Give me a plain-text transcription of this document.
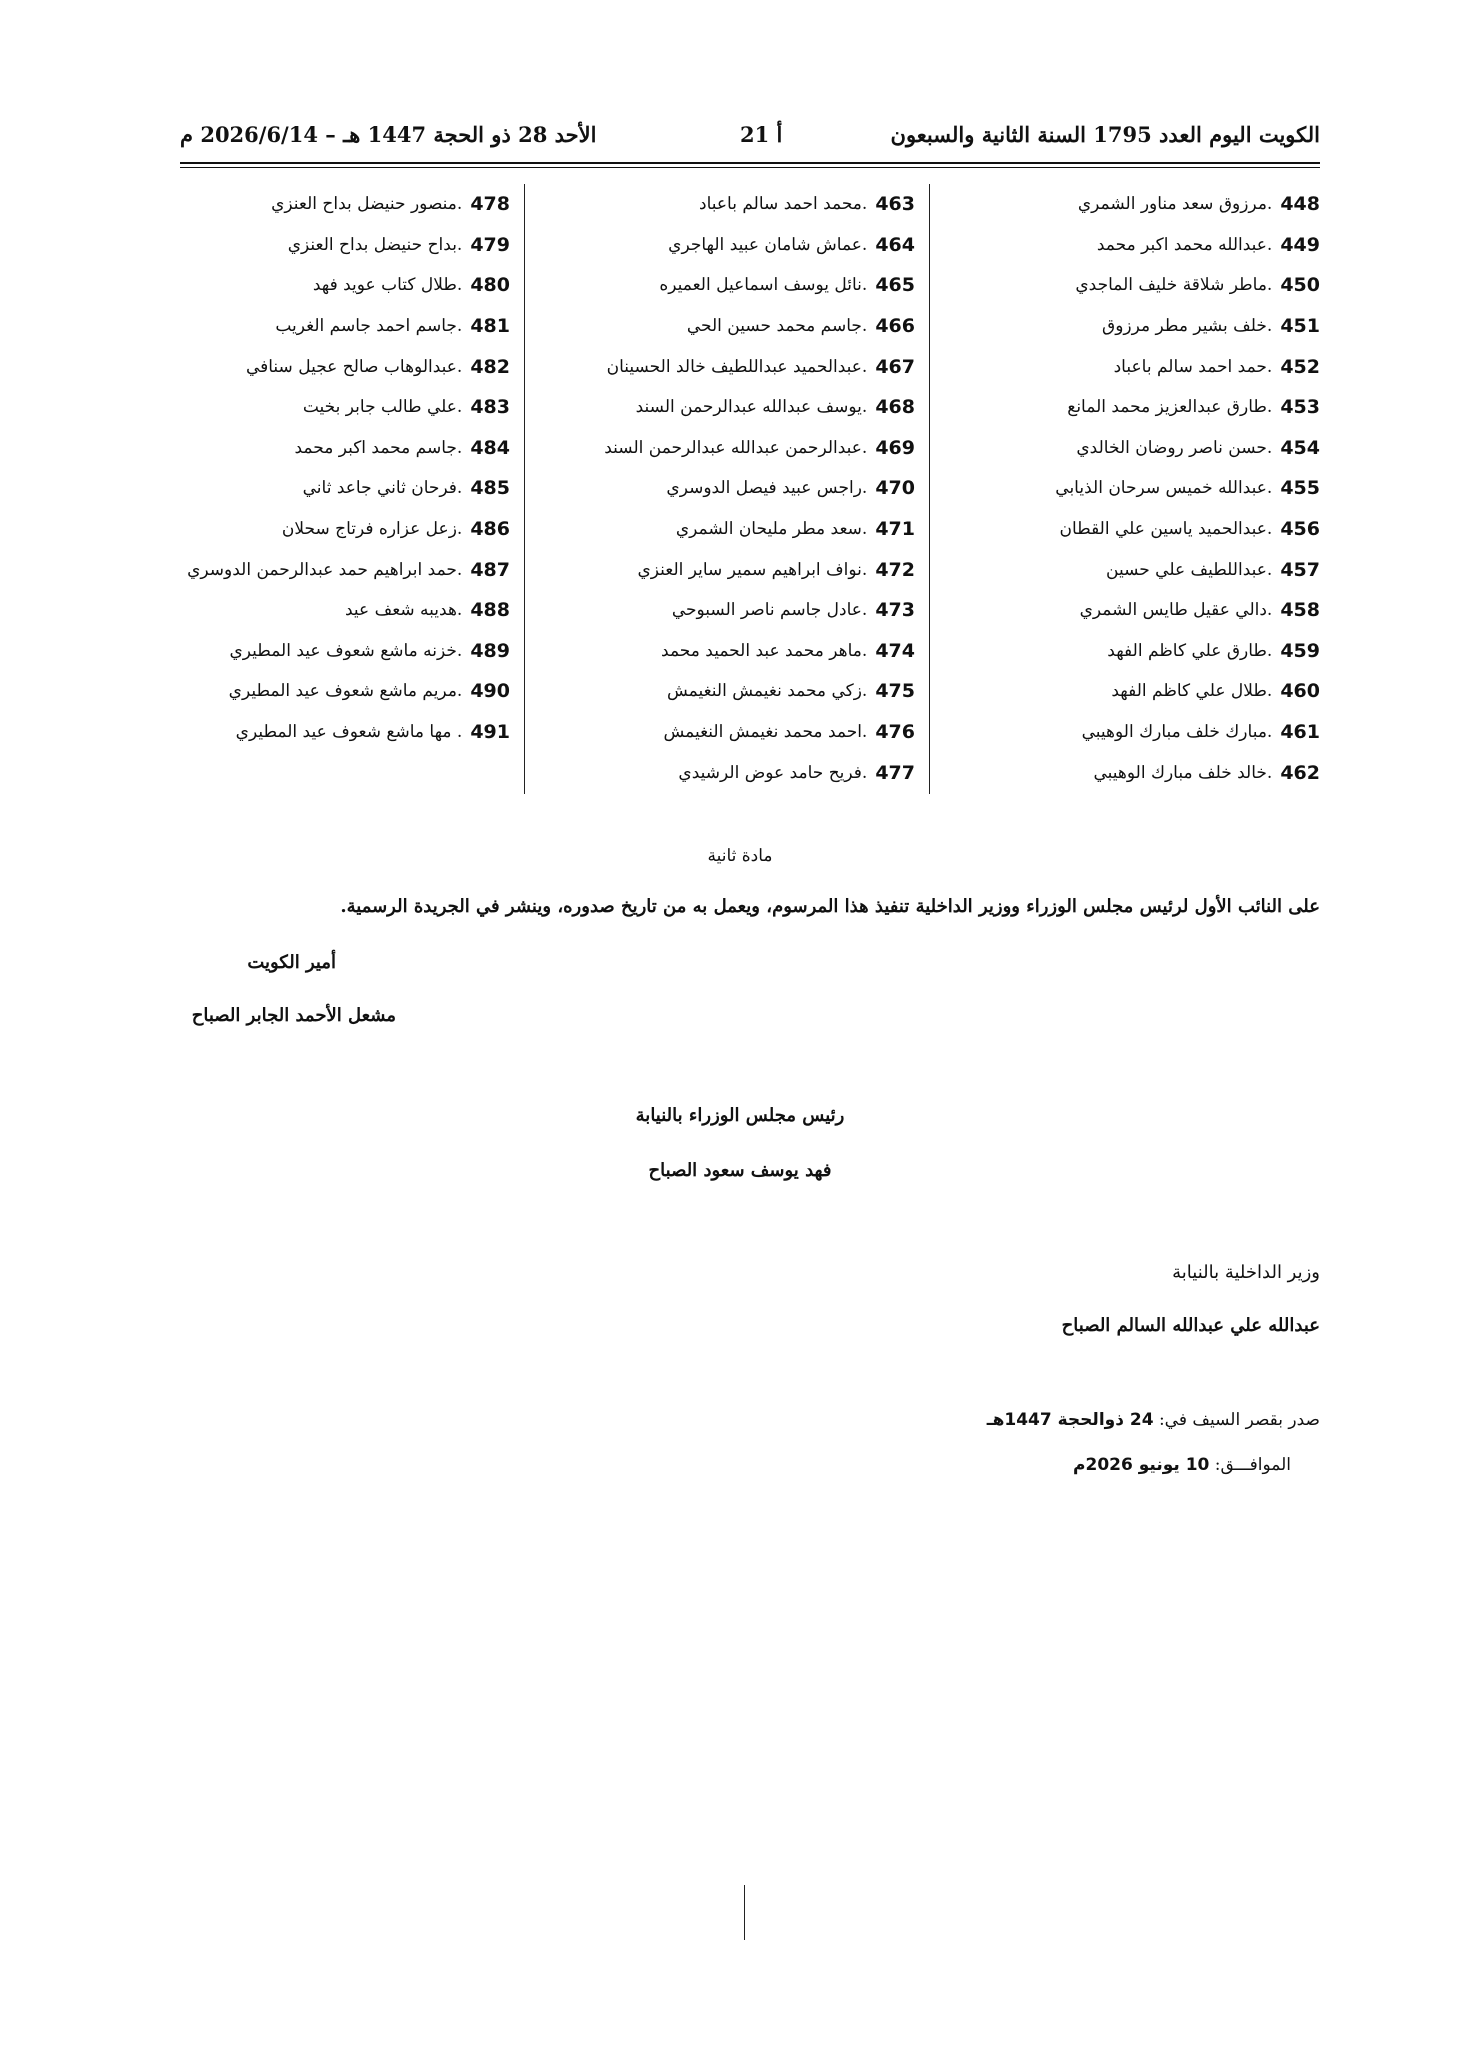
الكويت اليوم العدد 1795 السنة الثانية والسبعون
أ 21
الأحد 28 ذو الحجة 1447 هـ – 2026/6/14 م
448
.مرزوق سعد مناور الشمري
449
.عبدالله محمد اكبر محمد
450
.ماطر شلاقة خليف الماجدي
451
.خلف بشير مطر مرزوق
452
.حمد احمد سالم باعباد
453
.طارق عبدالعزيز محمد المانع
454
.حسن ناصر روضان الخالدي
455
.عبدالله خميس سرحان الذيابي
456
.عبدالحميد ياسين علي القطان
457
.عبداللطيف علي حسين
458
.دالي عقيل طايس الشمري
459
.طارق علي كاظم الفهد
460
.طلال علي كاظم الفهد
461
.مبارك خلف مبارك الوهيبي
462
.خالد خلف مبارك الوهيبي
463
.محمد احمد سالم باعباد
464
.عماش شامان عبيد الهاجري
465
.نائل يوسف اسماعيل العميره
466
.جاسم محمد حسين الحي
467
.عبدالحميد عبداللطيف خالد الحسينان
468
.يوسف عبدالله عبدالرحمن السند
469
.عبدالرحمن عبدالله عبدالرحمن السند
470
.راجس عبيد فيصل الدوسري
471
.سعد مطر مليحان الشمري
472
.نواف ابراهيم سمير ساير العنزي
473
.عادل جاسم ناصر السبوحي
474
.ماهر محمد عبد الحميد محمد
475
.زكي محمد نغيمش النغيمش
476
.احمد محمد نغيمش النغيمش
477
.فريح حامد عوض الرشيدي
478
.منصور حنيضل بداح العنزي
479
.بداح حنيضل بداح العنزي
480
.طلال كتاب عويد فهد
481
.جاسم احمد جاسم الغريب
482
.عبدالوهاب صالح عجيل سنافي
483
.علي طالب جابر بخيت
484
.جاسم محمد اكبر محمد
485
.فرحان ثاني جاعد ثاني
486
.زعل عزاره فرتاج سحلان
487
.حمد ابراهيم حمد عبدالرحمن الدوسري
488
.هديبه شعف عيد
489
.خزنه ماشع شعوف عيد المطيري
490
.مريم ماشع شعوف عيد المطيري
491
. مها ماشع شعوف عيد المطيري
مادة ثانية
على النائب الأول لرئيس مجلس الوزراء ووزير الداخلية تنفيذ هذا المرسوم، ويعمل به من تاريخ صدوره، وينشر في الجريدة الرسمية.
أمير الكويت
مشعل الأحمد الجابر الصباح
رئيس مجلس الوزراء بالنيابة
فهد يوسف سعود الصباح
وزير الداخلية بالنيابة
عبدالله علي عبدالله السالم الصباح
صدر بقصر السيف في: 24 ذوالحجة 1447هـ
الموافـــق: 10 يونيو 2026م
